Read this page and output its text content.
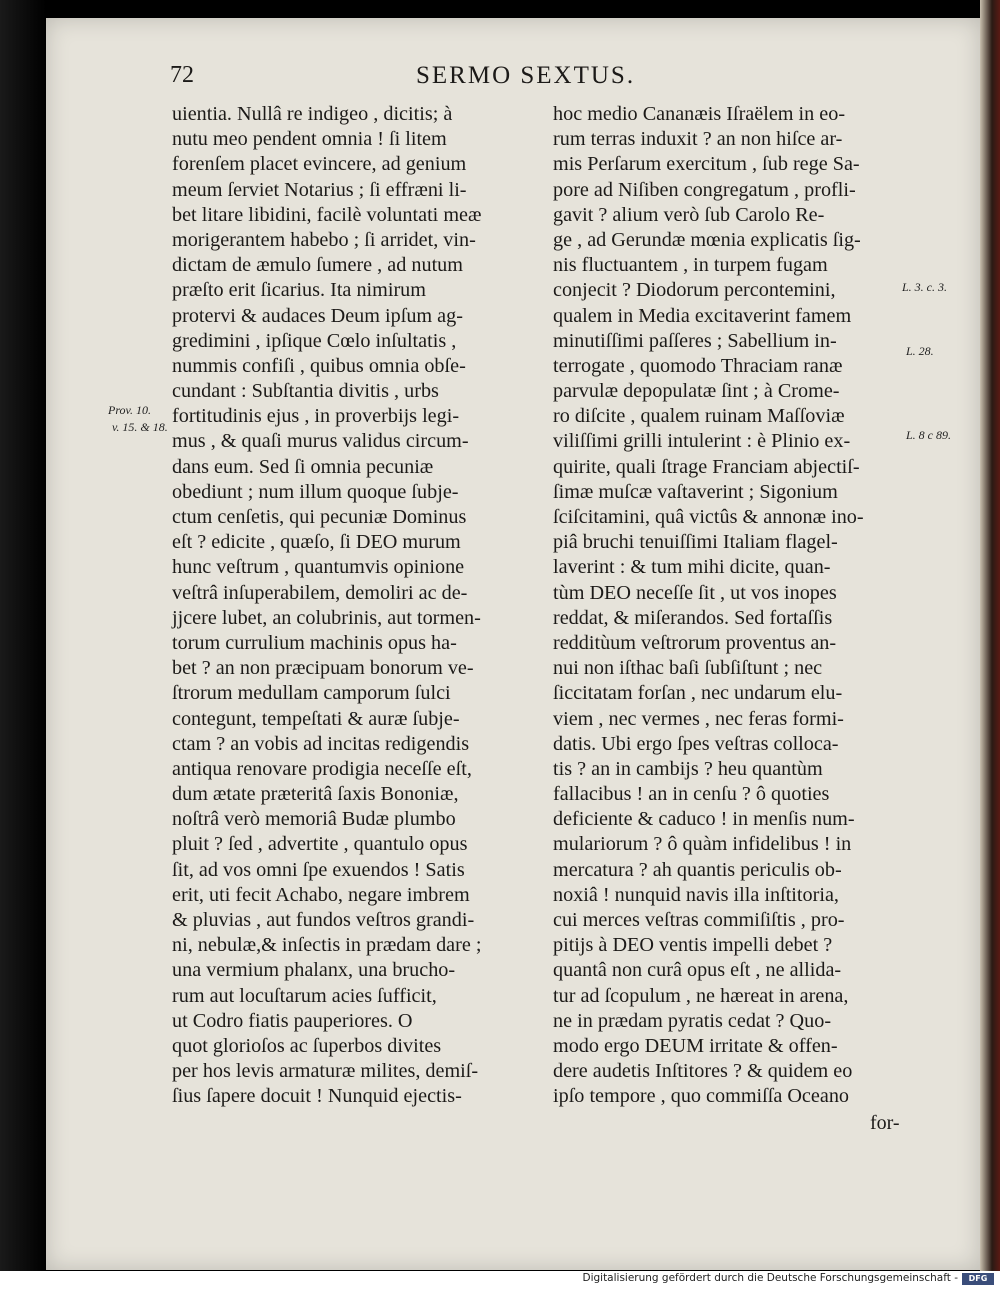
72	SERMO SEXTUS.
uientia. Nullâ re indigeo , dicitis; à
nutu meo pendent omnia ! ſi litem
forenſem placet evincere, ad genium
meum ſerviet Notarius ; ſi effræni li-
bet litare libidini, facilè voluntati meæ
morigerantem habebo ; ſi arridet, vin-
dictam de æmulo ſumere , ad nutum
præſto erit ſicarius. Ita nimirum
protervi & audaces Deum ipſum ag-
gredimini , ipſique Cœlo inſultatis ,
nummis confiſi , quibus omnia obſe-
cundant : Subſtantia divitis , urbs
fortitudinis ejus , in proverbijs legi-
mus , & quaſi murus validus circum-
dans eum. Sed ſi omnia pecuniæ
obediunt ; num illum quoque ſubje-
ctum cenſetis, qui pecuniæ Dominus
eſt ? edicite , quæſo, ſi DEO murum
hunc veſtrum , quantumvis opinione
veſtrâ inſuperabilem, demoliri ac de-
jjcere lubet, an colubrinis, aut tormen-
torum currulium machinis opus ha-
bet ? an non præcipuam bonorum ve-
ſtrorum medullam camporum ſulci
contegunt, tempeſtati & auræ ſubje-
ctam ? an vobis ad incitas redigendis
antiqua renovare prodigia neceſſe eſt,
dum ætate præteritâ ſaxis Bononiæ,
noſtrâ verò memoriâ Budæ plumbo
pluit ? ſed , advertite , quantulo opus
ſit, ad vos omni ſpe exuendos ! Satis
erit, uti fecit Achabo, negare imbrem
& pluvias , aut fundos veſtros grandi-
ni, nebulæ,& inſectis in prædam dare ;
una vermium phalanx, una brucho-
rum aut locuſtarum acies ſufficit,
ut Codro fiatis pauperiores. O
quot glorioſos ac ſuperbos divites
per hos levis armaturæ milites, demiſ-
ſius ſapere docuit ! Nunquid ejectis-
hoc medio Cananæis Iſraëlem in eo-
rum terras induxit ? an non hiſce ar-
mis Perſarum exercitum , ſub rege Sa-
pore ad Niſiben congregatum , profli-
gavit ? alium verò ſub Carolo Re-
ge , ad Gerundæ mœnia explicatis ſig-
nis fluctuantem , in turpem fugam
conjecit ? Diodorum percontemini,
qualem in Media excitaverint famem
minutiſſimi paſſeres ; Sabellium in-
terrogate , quomodo Thraciam ranæ
parvulæ depopulatæ ſint ; à Crome-
ro diſcite , qualem ruinam Maſſoviæ
viliſſimi grilli intulerint : è Plinio ex-
quirite, quali ſtrage Franciam abjectiſ-
ſimæ muſcæ vaſtaverint ; Sigonium
ſciſcitamini, quâ victûs & annonæ ino-
piâ bruchi tenuiſſimi Italiam flagel-
laverint : & tum mihi dicite, quan-
tùm DEO neceſſe ſit , ut vos inopes
reddat, & miſerandos. Sed fortaſſis
redditùum veſtrorum proventus an-
nui non iſthac baſi ſubſiſtunt ; nec
ſiccitatam forſan , nec undarum elu-
viem , nec vermes , nec feras formi-
datis. Ubi ergo ſpes veſtras colloca-
tis ? an in cambijs ? heu quantùm
fallacibus ! an in cenſu ? ô quoties
deficiente & caduco ! in menſis num-
mulariorum ? ô quàm infidelibus ! in
mercatura ? ah quantis periculis ob-
noxiâ ! nunquid navis illa inſtitoria,
cui merces veſtras commiſiſtis , pro-
pitijs à DEO ventis impelli debet ?
quantâ non curâ opus eſt , ne allida-
tur ad ſcopulum , ne hæreat in arena,
ne in prædam pyratis cedat ? Quo-
modo ergo DEUM irritate & offen-
dere audetis Inſtitores ? & quidem eo
ipſo tempore , quo commiſſa Oceano
Prov. 10.
v. 15. & 18.
L. 3. c. 3.
L. 28.
L. 8 c 89.
for-
Digitalisierung gefördert durch die Deutsche Forschungsgemeinschaft -	DFG
